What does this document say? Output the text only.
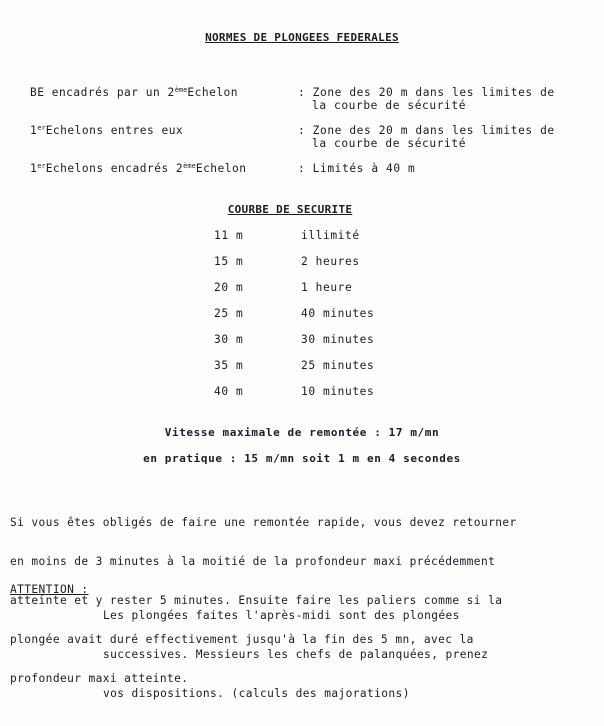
NORMES DE PLONGEES FEDERALES
BE encadrés par un 2èmeEchelon	: Zone des 20 m dans les limites de
la courbe de sécurité
1erEchelons entres eux	: Zone des 20 m dans les limites de
la courbe de sécurité
1erEchelons encadrés 2èmeEchelon	: Limités à 40 m
COURBE DE SECURITE
11 m	illimité
15 m	2 heures
20 m	1 heure
25 m	40 minutes
30 m	30 minutes
35 m	25 minutes
40 m	10 minutes
Vitesse maximale de remontée : 17 m/mn
en pratique : 15 m/mn soit 1 m en 4 secondes

Si vous êtes obligés de faire une remontée rapide, vous devez retourner

en moins de 3 minutes à la moitié de la profondeur maxi précédemment

atteinte et y rester 5 minutes. Ensuite faire les paliers comme si la

plongée avait duré effectivement jusqu'à la fin des 5 mn, avec la

profondeur maxi atteinte.

ATTENTION :

Les plongées faites l'après-midi sont des plongées

successives. Messieurs les chefs de palanquées, prenez

vos dispositions. (calculs des majorations)
